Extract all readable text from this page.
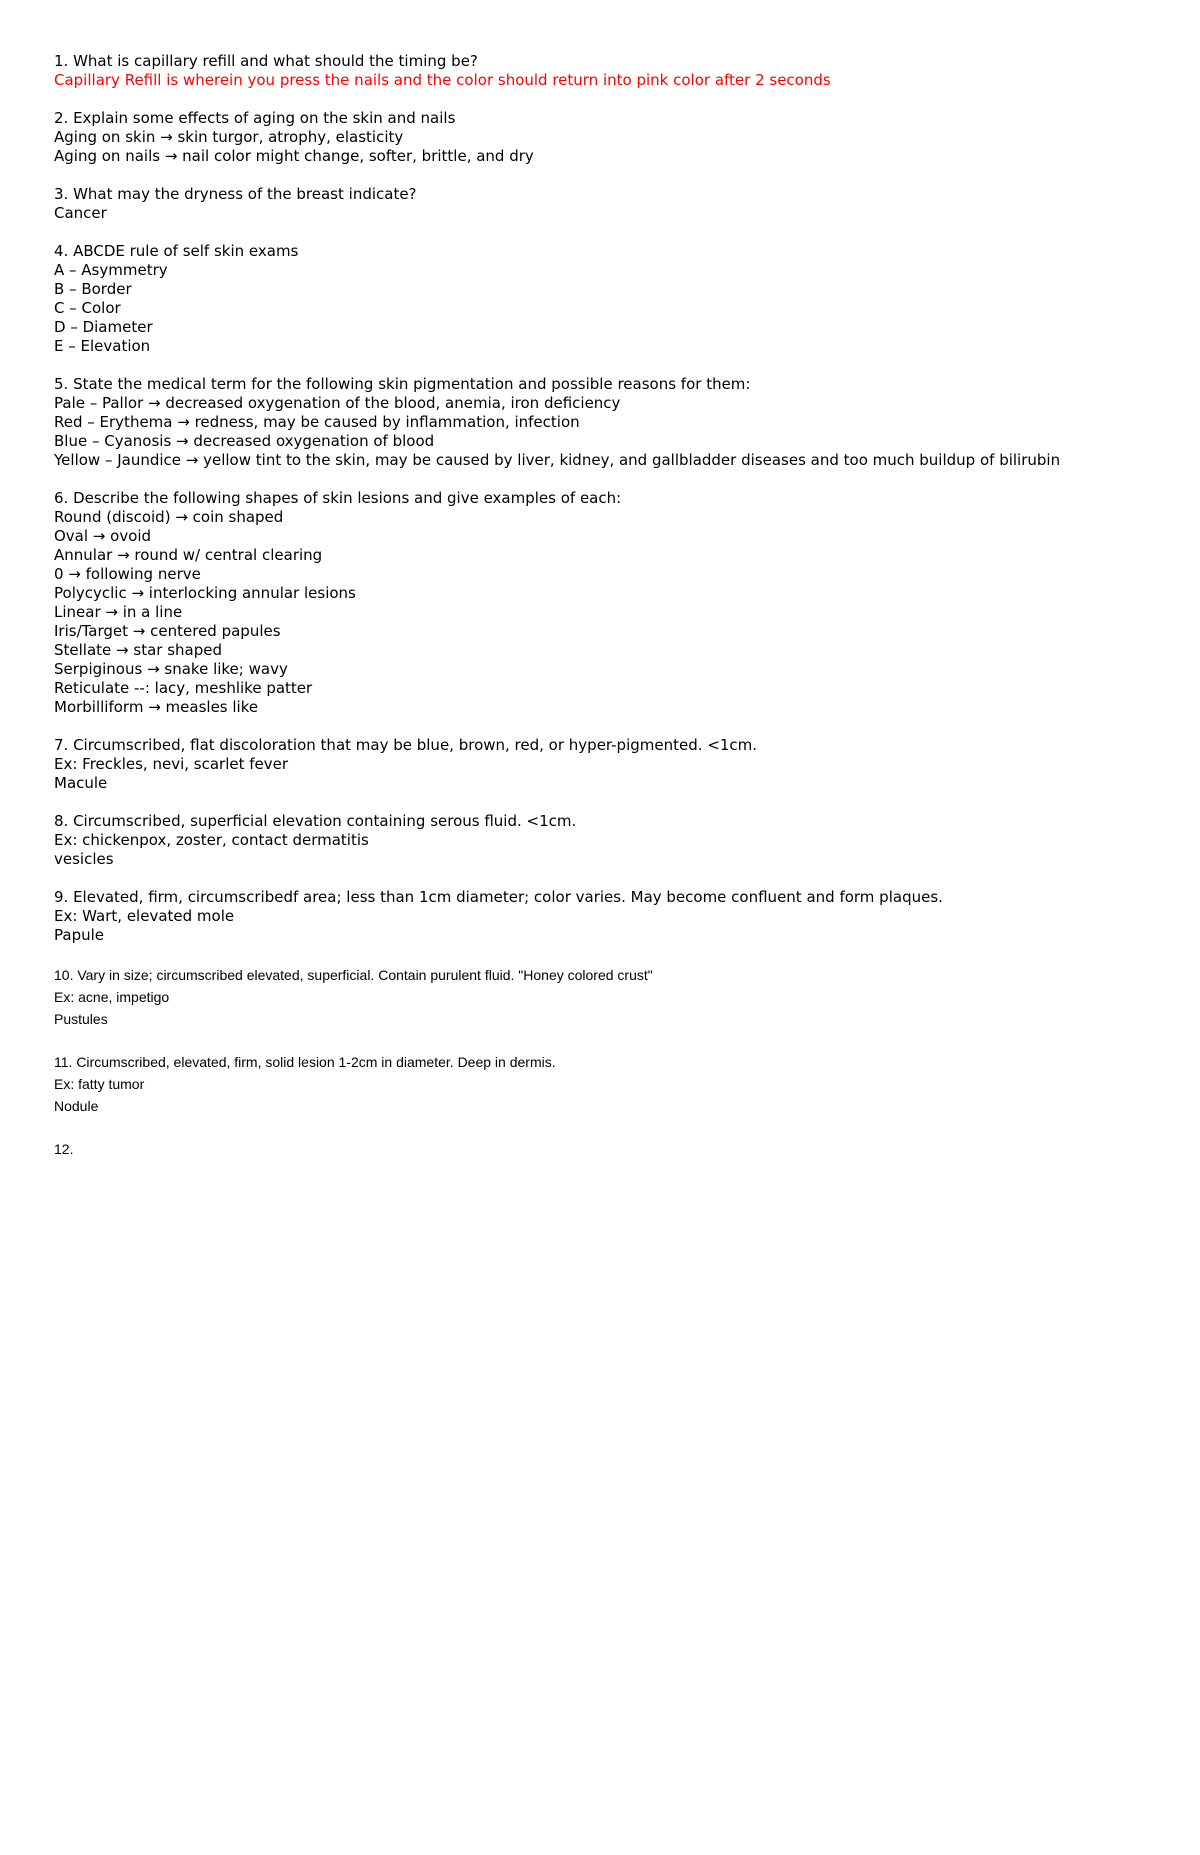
1. What is capillary refill and what should the timing be?
Capillary Refill is wherein you press the nails and the color should return into pink color after 2 seconds
2. Explain some effects of aging on the skin and nails
Aging on skin → skin turgor, atrophy, elasticity
Aging on nails → nail color might change, softer, brittle, and dry
3. What may the dryness of the breast indicate?
Cancer
4. ABCDE rule of self skin exams
A – Asymmetry
B – Border
C – Color
D – Diameter
E – Elevation
5. State the medical term for the following skin pigmentation and possible reasons for them:
Pale – Pallor → decreased oxygenation of the blood, anemia, iron deficiency
Red – Erythema → redness, may be caused by inflammation, infection
Blue – Cyanosis → decreased oxygenation of blood
Yellow – Jaundice → yellow tint to the skin, may be caused by liver, kidney, and gallbladder diseases and too much buildup of bilirubin
6. Describe the following shapes of skin lesions and give examples of each:
Round (discoid) → coin shaped
Oval → ovoid
Annular → round w/ central clearing
0 → following nerve
Polycyclic → interlocking annular lesions
Linear → in a line
Iris/Target → centered papules
Stellate → star shaped
Serpiginous → snake like; wavy
Reticulate --: lacy, meshlike patter
Morbilliform → measles like
7. Circumscribed, flat discoloration that may be blue, brown, red, or hyper-pigmented. <1cm.
Ex: Freckles, nevi, scarlet fever
Macule
8. Circumscribed, superficial elevation containing serous fluid. <1cm.
Ex: chickenpox, zoster, contact dermatitis
vesicles
9. Elevated, firm, circumscribedf area; less than 1cm diameter; color varies. May become confluent and form plaques.
Ex: Wart, elevated mole
Papule
10. Vary in size; circumscribed elevated, superficial. Contain purulent fluid. "Honey colored crust"
Ex: acne, impetigo
Pustules
11. Circumscribed, elevated, firm, solid lesion 1-2cm in diameter. Deep in dermis.
Ex: fatty tumor
Nodule
12.
